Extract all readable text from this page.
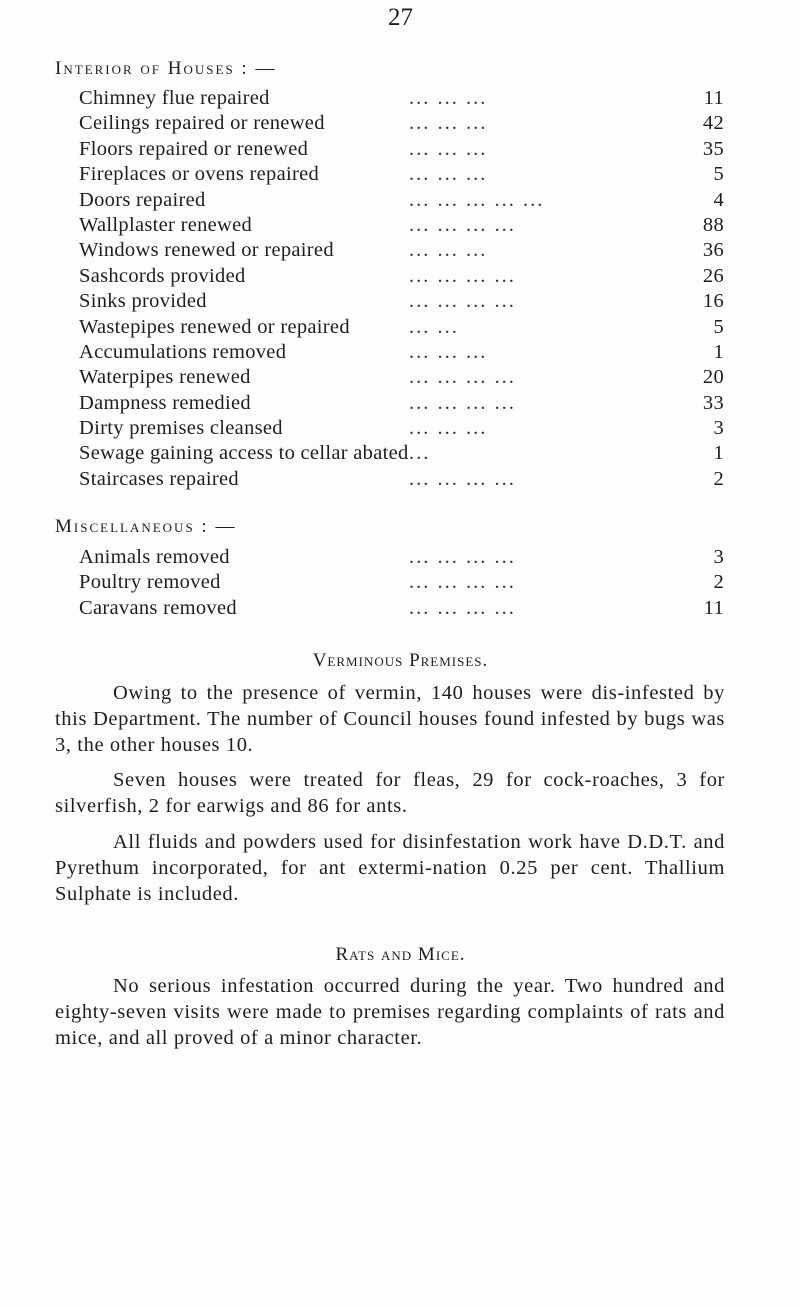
27
Interior of Houses : —
Chimney flue repaired	... ... ...	11
Ceilings repaired or renewed	... ... ...	42
Floors repaired or renewed	... ... ...	35
Fireplaces or ovens repaired	... ... ...	5
Doors repaired	... ... ... ... ...	4
Wallplaster renewed	... ... ... ...	88
Windows renewed or repaired	... ... ...	36
Sashcords provided	... ... ... ...	26
Sinks provided	... ... ... ...	16
Wastepipes renewed or repaired	... ...	5
Accumulations removed	... ... ...	1
Waterpipes renewed	... ... ... ...	20
Dampness remedied	... ... ... ...	33
Dirty premises cleansed	... ... ...	3
Sewage gaining access to cellar abated ...	1
Staircases repaired	... ... ... ...	2
Miscellaneous : —
Animals removed	... ... ... ...	3
Poultry removed	... ... ... ...	2
Caravans removed	... ... ... ...	11
Verminous Premises.
Owing to the presence of vermin, 140 houses were dis-infested by this Department. The number of Council houses found infested by bugs was 3, the other houses 10.
Seven houses were treated for fleas, 29 for cock-roaches, 3 for silverfish, 2 for earwigs and 86 for ants.
All fluids and powders used for disinfestation work have D.D.T. and Pyrethum incorporated, for ant extermi-nation 0.25 per cent. Thallium Sulphate is included.
Rats and Mice.
No serious infestation occurred during the year. Two hundred and eighty-seven visits were made to premises regarding complaints of rats and mice, and all proved of a minor character.
